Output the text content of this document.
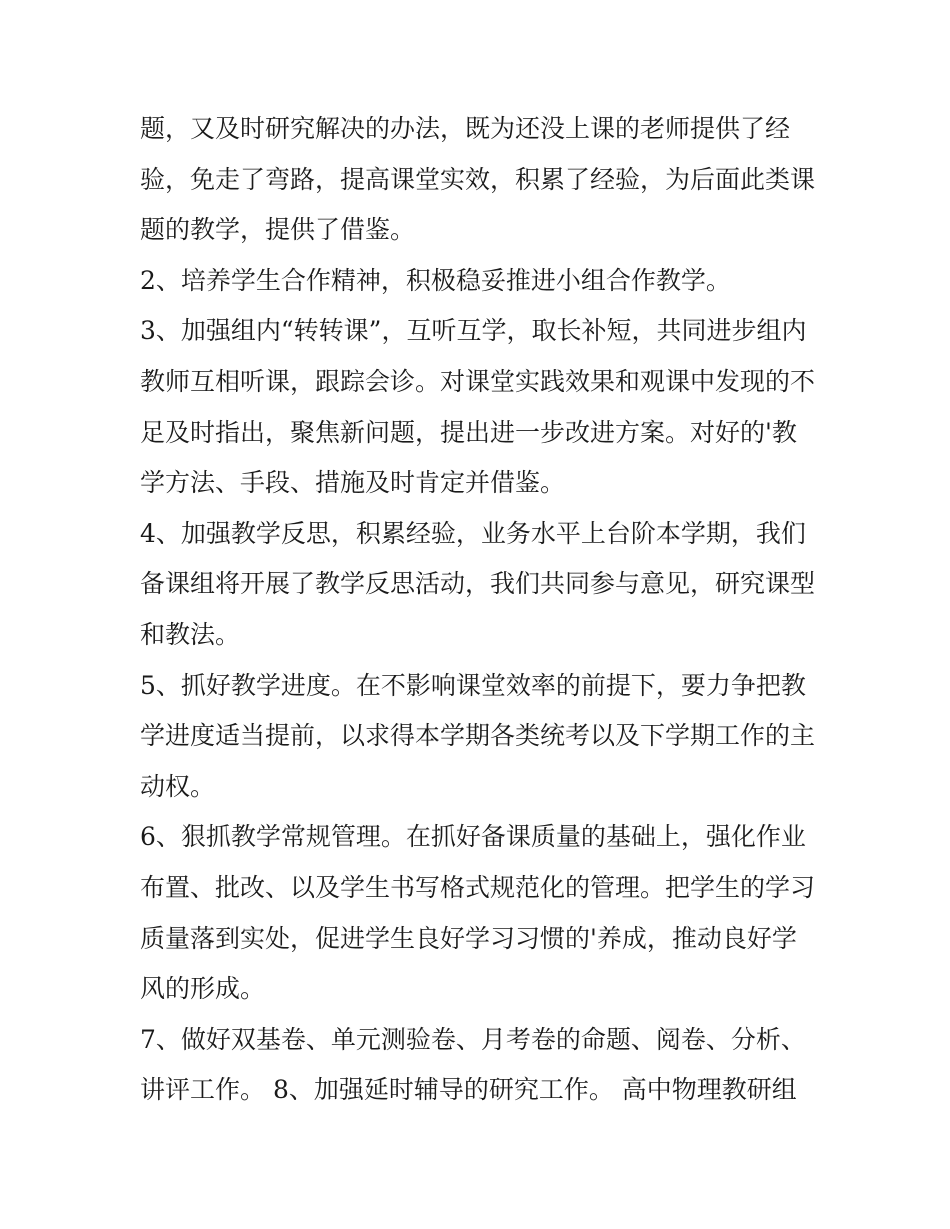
题，又及时研究解决的办法，既为还没上课的老师提供了经
验，免走了弯路，提高课堂实效，积累了经验，为后面此类课
题的教学，提供了借鉴。

2、培养学生合作精神，积极稳妥推进小组合作教学。

3、加强组内“转转课”，互听互学，取长补短，共同进步组内
教师互相听课，跟踪会诊。对课堂实践效果和观课中发现的不
足及时指出，聚焦新问题，提出进一步改进方案。对好的'教
学方法、手段、措施及时肯定并借鉴。

4、加强教学反思，积累经验，业务水平上台阶本学期，我们
备课组将开展了教学反思活动，我们共同参与意见，研究课型
和教法。

5、抓好教学进度。在不影响课堂效率的前提下，要力争把教
学进度适当提前，以求得本学期各类统考以及下学期工作的主
动权。

6、狠抓教学常规管理。在抓好备课质量的基础上，强化作业
布置、批改、以及学生书写格式规范化的管理。把学生的学习
质量落到实处，促进学生良好学习习惯的'养成，推动良好学
风的形成。

7、做好双基卷、单元测验卷、月考卷的命题、阅卷、分析、
讲评工作。 8、加强延时辅导的研究工作。 高中物理教研组
